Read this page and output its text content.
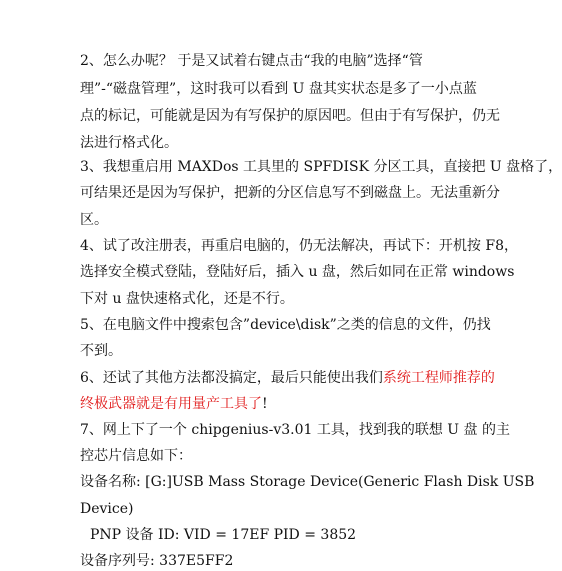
2、怎么办呢？ 于是又试着右键点击“我的电脑”选择“管
理”-“磁盘管理”，这时我可以看到 U 盘其实状态是多了一小点蓝
点的标记，可能就是因为有写保护的原因吧。但由于有写保护，仍无
法进行格式化。
3、我想重启用 MAXDos 工具里的 SPFDISK 分区工具，直接把 U 盘格了，
可结果还是因为写保护，把新的分区信息写不到磁盘上。无法重新分
区。
4、试了改注册表，再重启电脑的，仍无法解决，再试下：开机按 F8，
选择安全模式登陆，登陆好后，插入 u 盘，然后如同在正常 windows
下对 u 盘快速格式化，还是不行。
5、在电脑文件中搜索包含”device\disk”之类的信息的文件，仍找
不到。
6、还试了其他方法都没搞定，最后只能使出我们系统工程师推荐的
终极武器就是有用量产工具了!
7、网上下了一个 chipgenius-v3.01 工具，找到我的联想 U 盘 的主
控芯片信息如下：
设备名称: [G:]USB Mass Storage Device(Generic Flash Disk USB
Device)
PNP 设备 ID: VID = 17EF PID = 3852
设备序列号: 337E5FF2
